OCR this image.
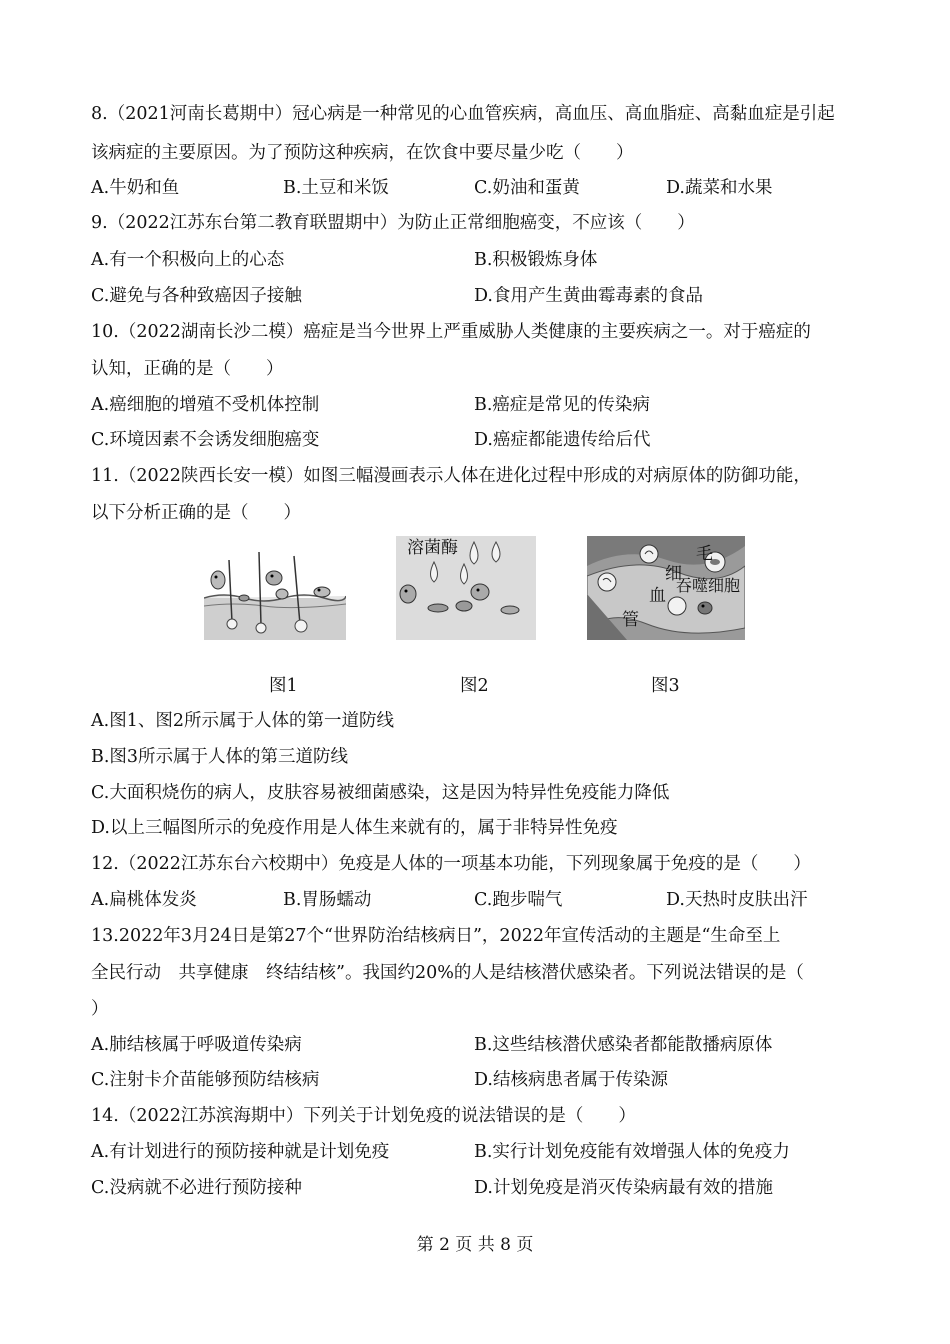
8.（2021河南长葛期中）冠心病是一种常见的心血管疾病，高血压、高血脂症、高黏血症是引起
该病症的主要原因。为了预防这种疾病，在饮食中要尽量少吃（　　）
A.牛奶和鱼	B.土豆和米饭	C.奶油和蛋黄	D.蔬菜和水果
9.（2022江苏东台第二教育联盟期中）为防止正常细胞癌变，不应该（　　）
A.有一个积极向上的心态	B.积极锻炼身体
C.避免与各种致癌因子接触	D.食用产生黄曲霉毒素的食品
10.（2022湖南长沙二模）癌症是当今世界上严重威胁人类健康的主要疾病之一。对于癌症的
认知，正确的是（　　）
A.癌细胞的增殖不受机体控制	B.癌症是常见的传染病
C.环境因素不会诱发细胞癌变	D.癌症都能遗传给后代
11.（2022陕西长安一模）如图三幅漫画表示人体在进化过程中形成的对病原体的防御功能，
以下分析正确的是（　　）
溶菌酶	毛
细
血
管
吞噬细胞
图1	图2	图3
A.图1、图2所示属于人体的第一道防线
B.图3所示属于人体的第三道防线
C.大面积烧伤的病人，皮肤容易被细菌感染，这是因为特异性免疫能力降低
D.以上三幅图所示的免疫作用是人体生来就有的，属于非特异性免疫
12.（2022江苏东台六校期中）免疫是人体的一项基本功能，下列现象属于免疫的是（　　）
A.扁桃体发炎	B.胃肠蠕动	C.跑步喘气	D.天热时皮肤出汗
13.2022年3月24日是第27个“世界防治结核病日”，2022年宣传活动的主题是“生命至上
全民行动　共享健康　终结结核”。我国约20%的人是结核潜伏感染者。下列说法错误的是（
）
A.肺结核属于呼吸道传染病	B.这些结核潜伏感染者都能散播病原体
C.注射卡介苗能够预防结核病	D.结核病患者属于传染源
14.（2022江苏滨海期中）下列关于计划免疫的说法错误的是（　　）
A.有计划进行的预防接种就是计划免疫	B.实行计划免疫能有效增强人体的免疫力
C.没病就不必进行预防接种	D.计划免疫是消灭传染病最有效的措施
第 2 页 共 8 页
